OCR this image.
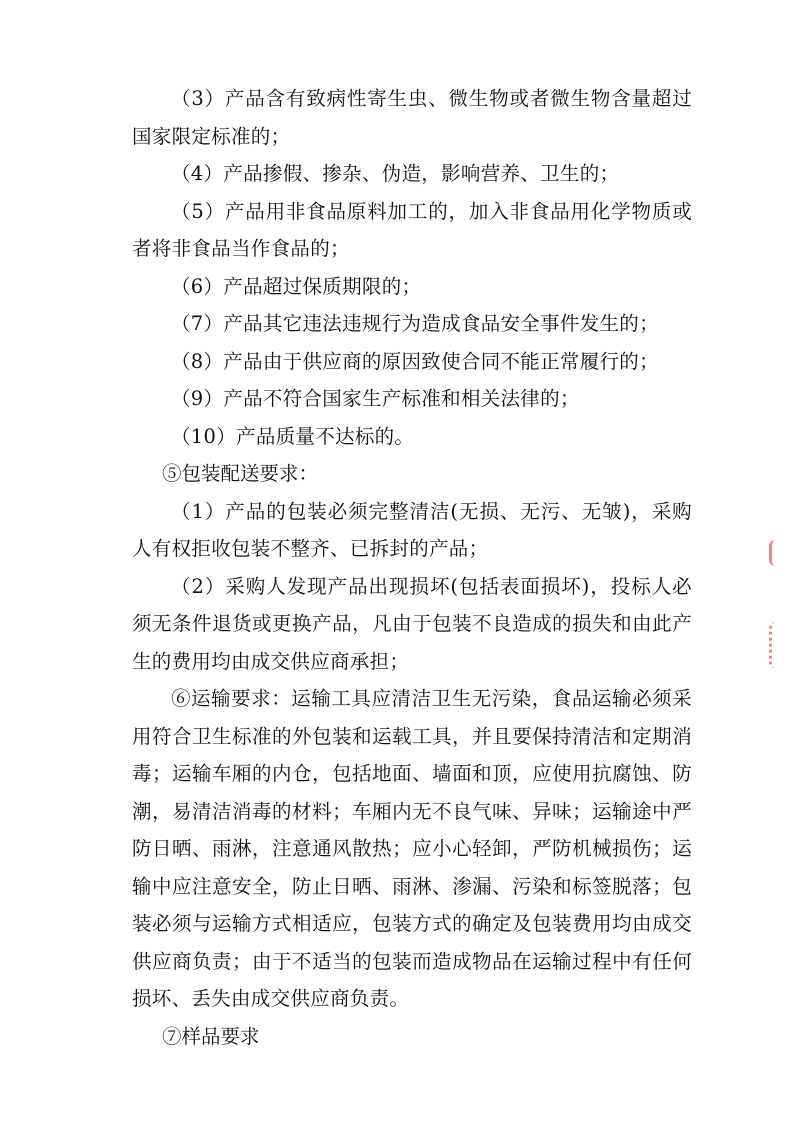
（3）产品含有致病性寄生虫、微生物或者微生物含量超过国家限定标准的；

（4）产品掺假、掺杂、伪造，影响营养、卫生的；

（5）产品用非食品原料加工的，加入非食品用化学物质或者将非食品当作食品的；

（6）产品超过保质期限的；

（7）产品其它违法违规行为造成食品安全事件发生的；

（8）产品由于供应商的原因致使合同不能正常履行的；

（9）产品不符合国家生产标准和相关法律的；

（10）产品质量不达标的。

⑤包装配送要求：

（1）产品的包装必须完整清洁(无损、无污、无皱)，采购人有权拒收包装不整齐、已拆封的产品；

（2）采购人发现产品出现损坏(包括表面损坏)，投标人必须无条件退货或更换产品，凡由于包装不良造成的损失和由此产生的费用均由成交供应商承担；

⑥运输要求：运输工具应清洁卫生无污染，食品运输必须采用符合卫生标准的外包装和运载工具，并且要保持清洁和定期消毒；运输车厢的内仓，包括地面、墙面和顶，应使用抗腐蚀、防潮，易清洁消毒的材料；车厢内无不良气味、异味；运输途中严防日晒、雨淋，注意通风散热；应小心轻卸，严防机械损伤；运输中应注意安全，防止日晒、雨淋、渗漏、污染和标签脱落；包装必须与运输方式相适应，包装方式的确定及包装费用均由成交供应商负责；由于不适当的包装而造成物品在运输过程中有任何损坏、丢失由成交供应商负责。

⑦样品要求
